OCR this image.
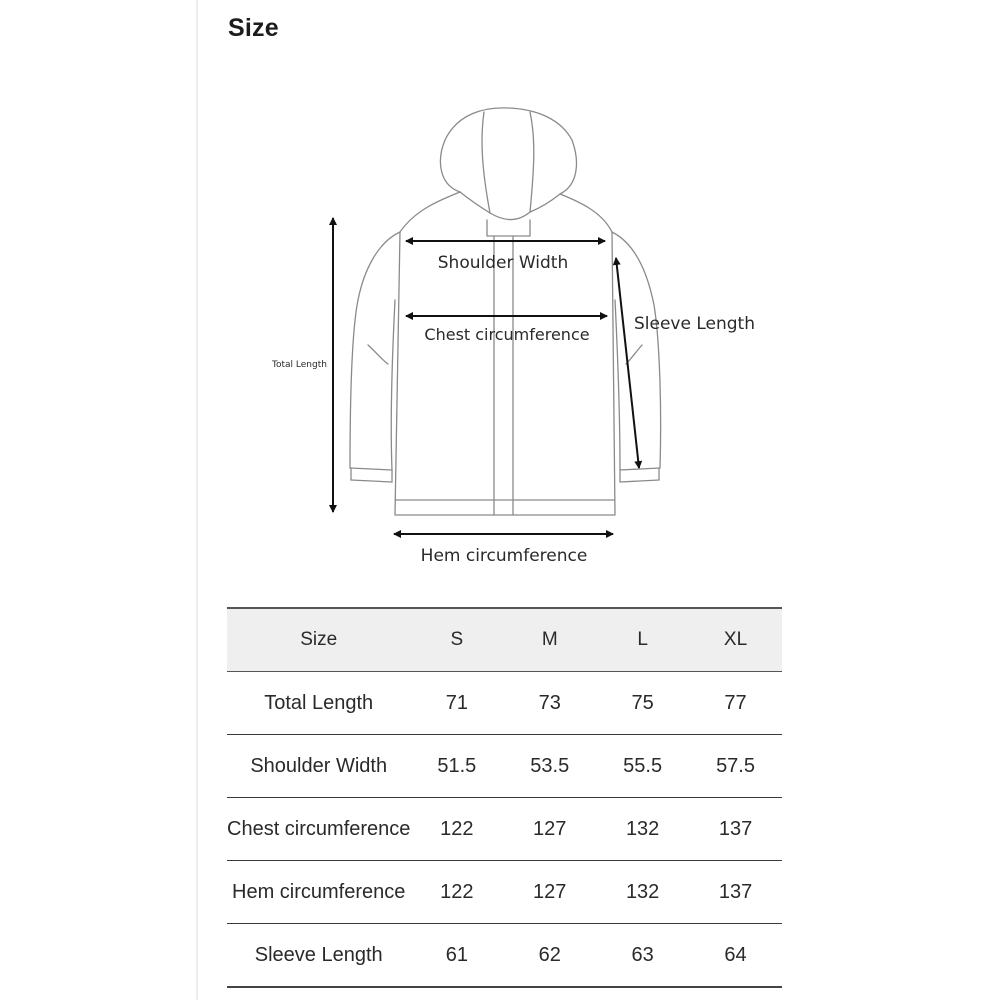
Size
Total Length
Shoulder Width
Chest circumference
Sleeve Length
Hem circumference
Size	S	M	L	XL
Total Length	71	73	75	77
Shoulder Width	51.5	53.5	55.5	57.5
Chest circumference	122	127	132	137
Hem circumference	122	127	132	137
Sleeve Length	61	62	63	64
